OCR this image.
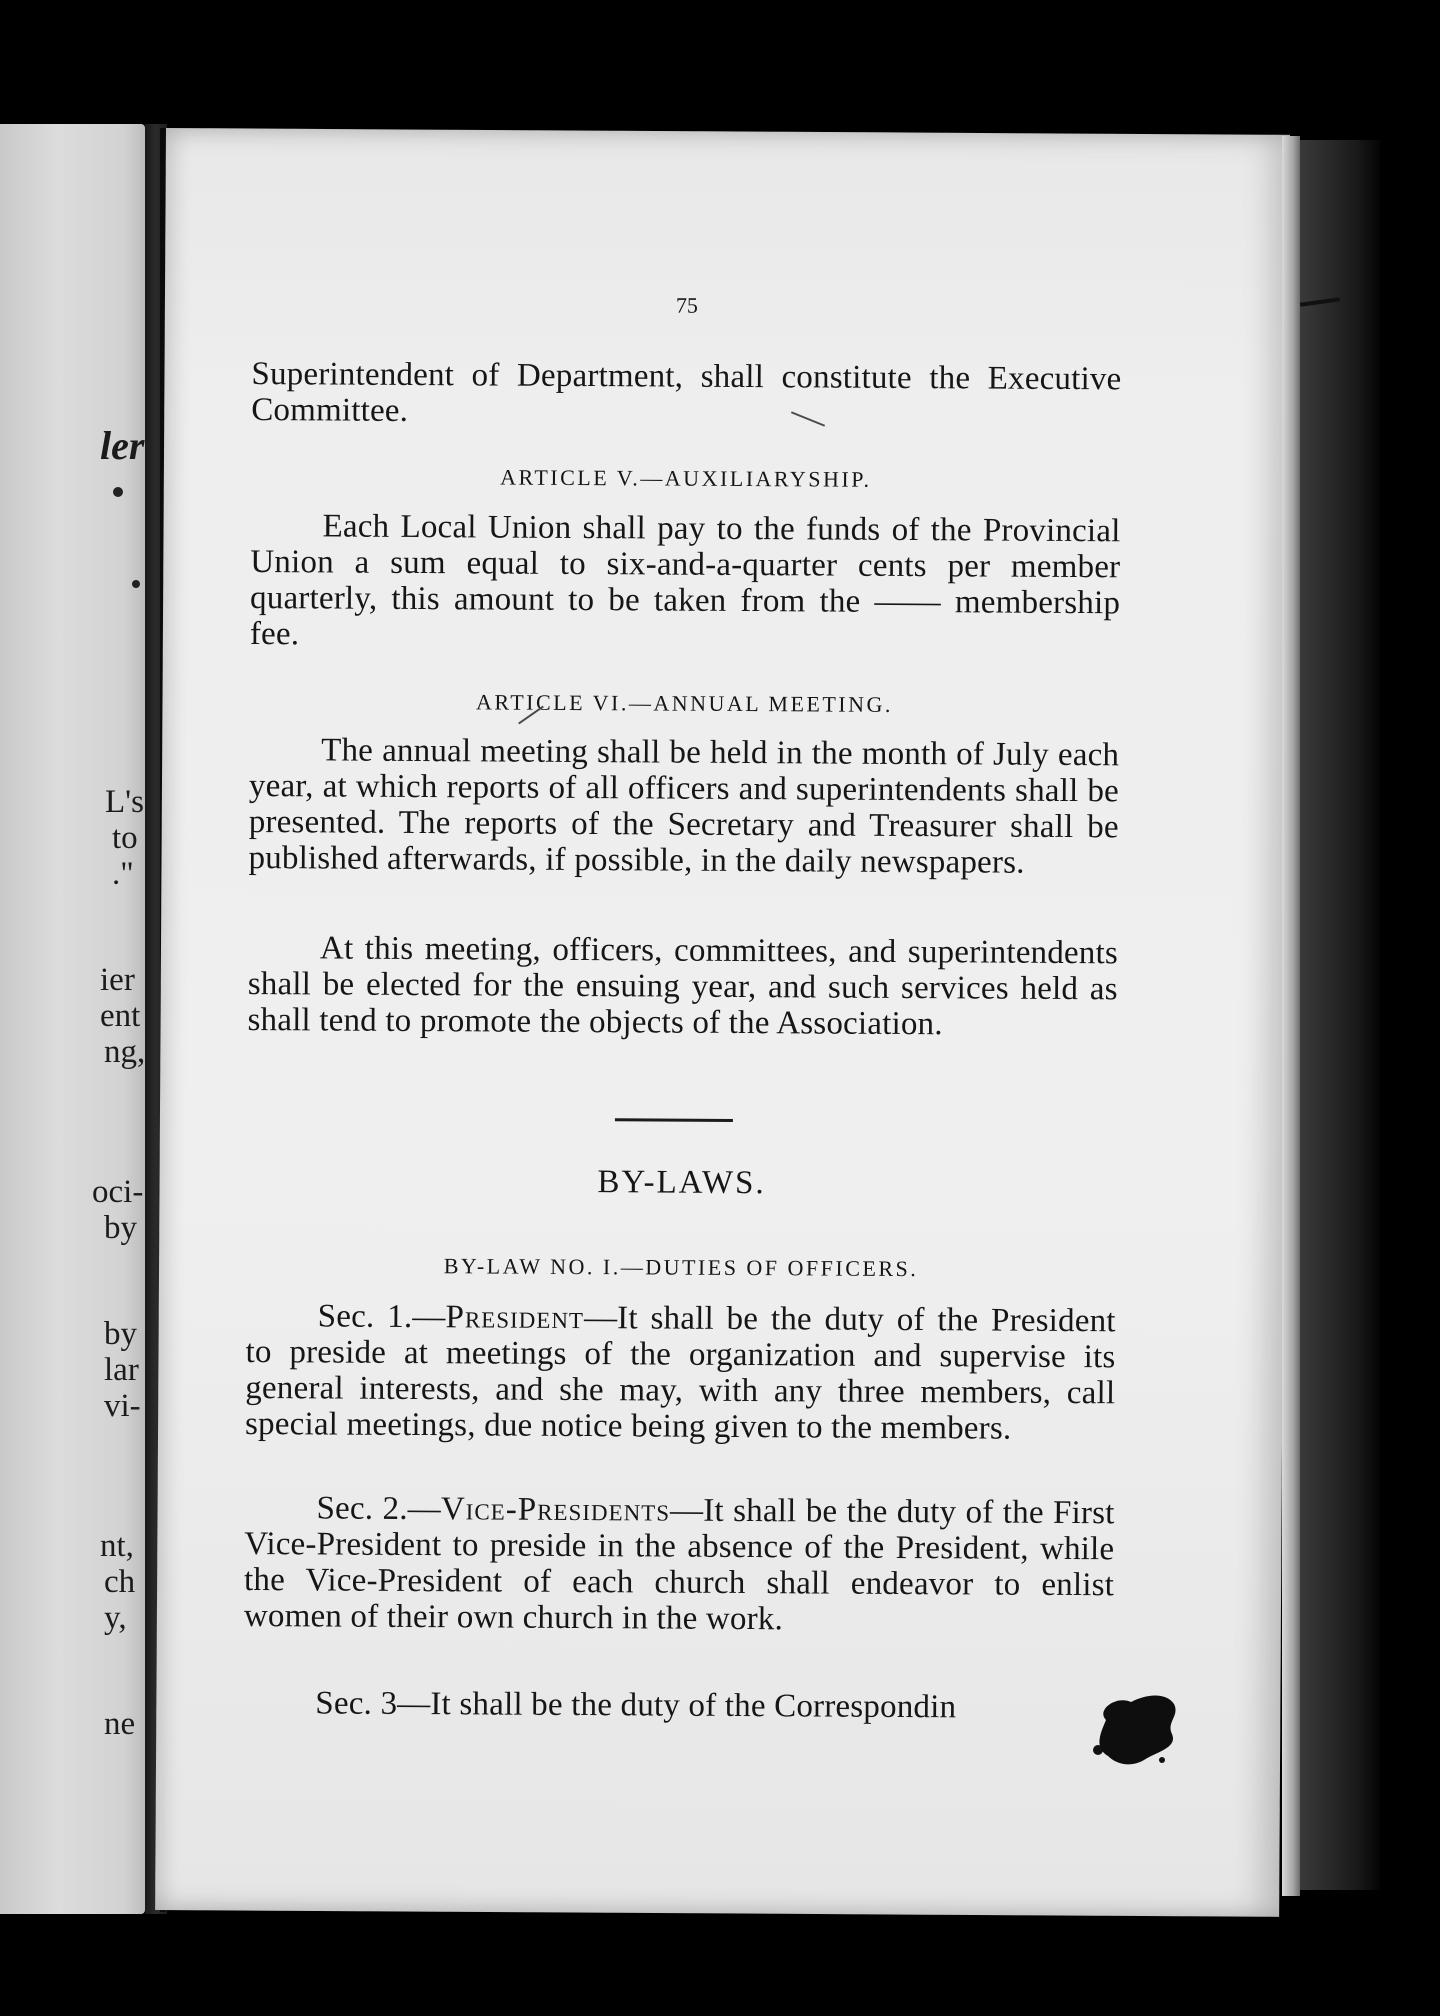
ler
L's
to
."
ier
ent
ng,
oci-
by
by
lar
vi-
nt,
ch
y,
ne
75
Superintendent of Department, shall constitute the Executive Committee.
ARTICLE V.—AUXILIARYSHIP.
Each Local Union shall pay to the funds of the Provincial Union a sum equal to six-and-a-quarter cents per member quarterly, this amount to be taken from the —— membership fee.
ARTICLE VI.—ANNUAL MEETING.
The annual meeting shall be held in the month of July each year, at which reports of all officers and superintendents shall be presented. The reports of the Secretary and Treasurer shall be published afterwards, if possible, in the daily newspapers.
At this meeting, officers, committees, and superintendents shall be elected for the ensuing year, and such services held as shall tend to promote the objects of the Association.
BY-LAWS.
BY-LAW NO. I.—DUTIES OF OFFICERS.
Sec. 1.—President—It shall be the duty of the President to preside at meetings of the organization and supervise its general interests, and she may, with any three members, call special meetings, due notice being given to the members.
Sec. 2.—Vice-Presidents—It shall be the duty of the First Vice-President to preside in the absence of the President, while the Vice-President of each church shall endeavor to enlist women of their own church in the work.
Sec. 3—It shall be the duty of the Correspondin
